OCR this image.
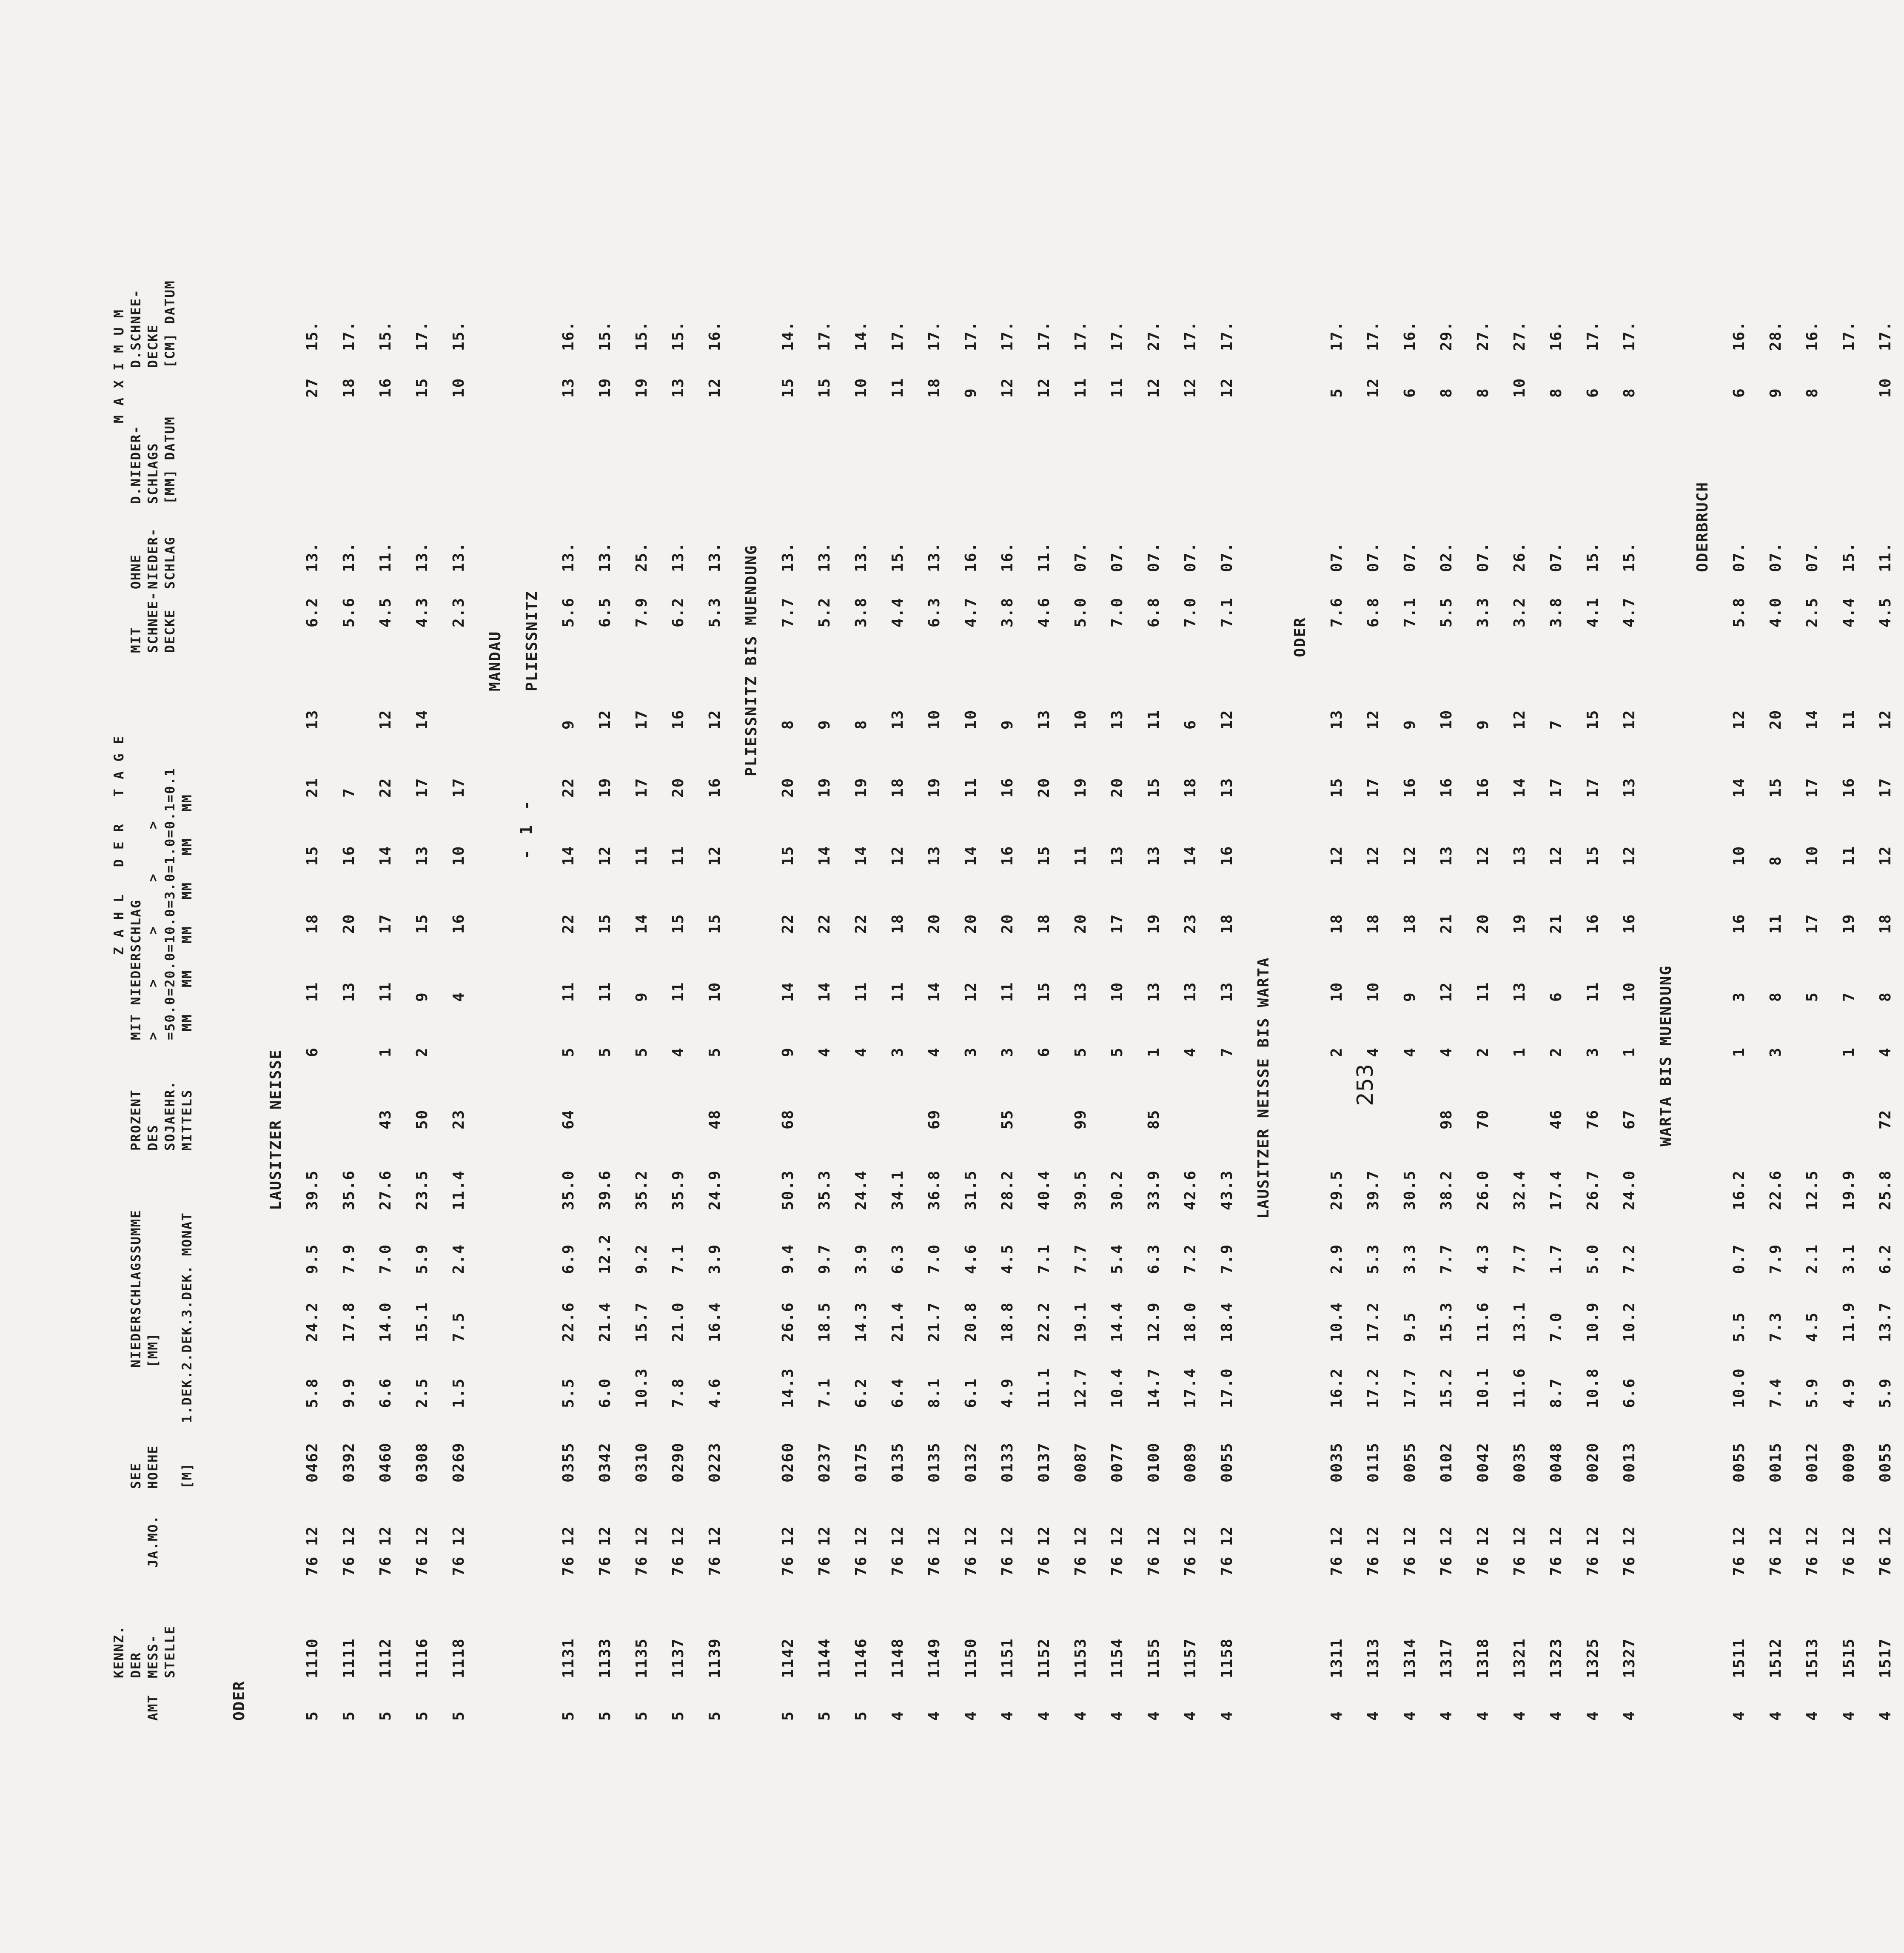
- 1 -
AMT
KENNZ.
DER
MESS-
STELLE
JA.MO.
SEE
HOEHE

[M]
NIEDERSCHLAGSSUMME
[MM] 1.DEK.2.DEK.3.DEK. MONAT
PROZENT
DES
SOJAEHR.
MITTELS
Z A H L   D E R   T A G E
MIT NIEDERSCHLAG
>     >     >     >     >
=50.0=20.0=10.0=3.0=1.0=0.1=0.1
MM   MM   MM   MM   MM   MM
MIT
SCHNEE-
DECKE
OHNE
NIEDER-
SCHLAG
M A X I M U M
D.NIEDER-
SCHLAGS
[MM] DATUM
D.SCHNEE-
DECKE
[CM] DATUM
ODER
LAUSITZER NEISSE
5
1110
76 12
0462
5.8
24.2
9.5
39.5
6
11
18
15
21
13
6.2
13.
27
15.
5
1111
76 12
0392
9.9
17.8
7.9
35.6
13
20
16
7
5.6
13.
18
17.
5
1112
76 12
0460
6.6
14.0
7.0
27.6
43
1
11
17
14
22
12
4.5
11.
16
15.
5
1116
76 12
0308
2.5
15.1
5.9
23.5
50
2
9
15
13
17
14
4.3
13.
15
17.
5
1118
76 12
0269
1.5
7.5
2.4
11.4
23
4
16
10
17
2.3
13.
10
15.
MANDAU	PLIESSNITZ
5
1131
76 12
0355
5.5
22.6
6.9
35.0
64
5
11
22
14
22
9
5.6
13.
13
16.
5
1133
76 12
0342
6.0
21.4
12.2
39.6
5
11
15
12
19
12
6.5
13.
19
15.
5
1135
76 12
0310
10.3
15.7
9.2
35.2
5
9
14
11
17
17
7.9
25.
19
15.
5
1137
76 12
0290
7.8
21.0
7.1
35.9
4
11
15
11
20
16
6.2
13.
13
15.
5
1139
76 12
0223
4.6
16.4
3.9
24.9
48
5
10
15
12
16
12
5.3
13.
12
16.
PLIESSNITZ BIS MUENDUNG
5
1142
76 12
0260
14.3
26.6
9.4
50.3
68
9
14
22
15
20
8
7.7
13.
15
14.
5
1144
76 12
0237
7.1
18.5
9.7
35.3
4
14
22
14
19
9
5.2
13.
15
17.
5
1146
76 12
0175
6.2
14.3
3.9
24.4
4
11
22
14
19
8
3.8
13.
10
14.
4
1148
76 12
0135
6.4
21.4
6.3
34.1
3
11
18
12
18
13
4.4
15.
11
17.
4
1149
76 12
0135
8.1
21.7
7.0
36.8
69
4
14
20
13
19
10
6.3
13.
18
17.
4
1150
76 12
0132
6.1
20.8
4.6
31.5
3
12
20
14
11
10
4.7
16.
9
17.
4
1151
76 12
0133
4.9
18.8
4.5
28.2
55
3
11
20
16
16
9
3.8
16.
12
17.
4
1152
76 12
0137
11.1
22.2
7.1
40.4
6
15
18
15
20
13
4.6
11.
12
17.
4
1153
76 12
0087
12.7
19.1
7.7
39.5
99
5
13
20
11
19
10
5.0
07.
11
17.
4
1154
76 12
0077
10.4
14.4
5.4
30.2
5
10
17
13
20
13
7.0
07.
11
17.
4
1155
76 12
0100
14.7
12.9
6.3
33.9
85
1
13
19
13
15
11
6.8
07.
12
27.
4
1157
76 12
0089
17.4
18.0
7.2
42.6
4
13
23
14
18
6
7.0
07.
12
17.
4
1158
76 12
0055
17.0
18.4
7.9
43.3
7
13
18
16
13
12
7.1
07.
12
17.
LAUSITZER NEISSE BIS WARTA
ODER
4
1311
76 12
0035
16.2
10.4
2.9
29.5
2
10
18
12
15
13
7.6
07.
5
17.
4
1313
76 12
0115
17.2
17.2
5.3
39.7
4
10
18
12
17
12
6.8
07.
12
17.
4
1314
76 12
0055
17.7
9.5
3.3
30.5
4
9
18
12
16
9
7.1
07.
6
16.
4
1317
76 12
0102
15.2
15.3
7.7
38.2
98
4
12
21
13
16
10
5.5
02.
8
29.
4
1318
76 12
0042
10.1
11.6
4.3
26.0
70
2
11
20
12
16
9
3.3
07.
8
27.
4
1321
76 12
0035
11.6
13.1
7.7
32.4
1
13
19
13
14
12
3.2
26.
10
27.
4
1323
76 12
0048
8.7
7.0
1.7
17.4
46
2
6
21
12
17
7
3.8
07.
8
16.
4
1325
76 12
0020
10.8
10.9
5.0
26.7
76
3
11
16
15
17
15
4.1
15.
6
17.
4
1327
76 12
0013
6.6
10.2
7.2
24.0
67
1
10
16
12
13
12
4.7
15.
8
17.
WARTA BIS MUENDUNG
ODERBRUCH
4
1511
76 12
0055
10.0
5.5
0.7
16.2
1
3
16
10
14
12
5.8
07.
6
16.
4
1512
76 12
0015
7.4
7.3
7.9
22.6
3
8
11
8
15
20
4.0
07.
9
28.
4
1513
76 12
0012
5.9
4.5
2.1
12.5
5
17
10
17
14
2.5
07.
8
16.
4
1515
76 12
0009
4.9
11.9
3.1
19.9
1
7
19
11
16
11
4.4
15.
17.
4
1517
76 12
0055
5.9
13.7
6.2
25.8
72
4
8
18
12
17
12
4.5
11.
10
17.
253
